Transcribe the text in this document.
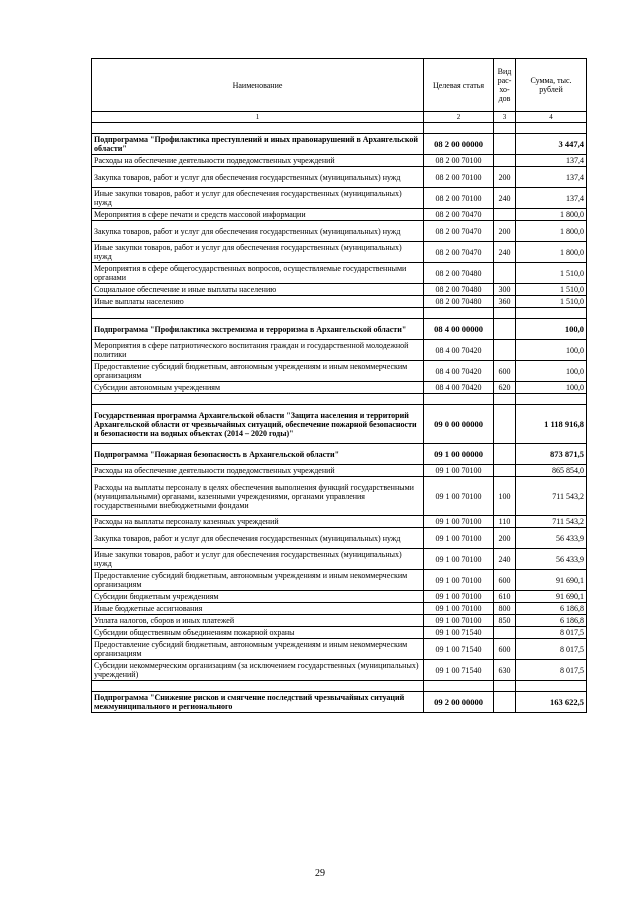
Наименование	Целевая статья	Вид рас-хо-дов	Сумма, тыс. рублей
1	2	3	4

Подпрограмма "Профилактика преступлений и иных правонарушений в Архангельской области"	08 2 00 00000		3 447,4
Расходы на обеспечение деятельности подведомственных учреждений	08 2 00 70100		137,4
Закупка товаров, работ и услуг для обеспечения государственных (муниципальных) нужд	08 2 00 70100	200	137,4
Иные закупки товаров, работ и услуг для обеспечения государственных (муниципальных) нужд	08 2 00 70100	240	137,4
Мероприятия в сфере печати и средств массовой информации	08 2 00 70470		1 800,0
Закупка товаров, работ и услуг для обеспечения государственных (муниципальных) нужд	08 2 00 70470	200	1 800,0
Иные закупки товаров, работ и услуг для обеспечения государственных (муниципальных) нужд	08 2 00 70470	240	1 800,0
Мероприятия в сфере общегосударственных вопросов, осуществляемые государственными органами	08 2 00 70480		1 510,0
Социальное обеспечение и иные выплаты населению	08 2 00 70480	300	1 510,0
Иные выплаты населению	08 2 00 70480	360	1 510,0

Подпрограмма "Профилактика экстремизма и терроризма в Архангельской области"	08 4 00 00000		100,0
Мероприятия в сфере патриотического воспитания граждан и государственной молодежной политики	08 4 00 70420		100,0
Предоставление субсидий бюджетным, автономным учреждениям и иным некоммерческим организациям	08 4 00 70420	600	100,0
Субсидии автономным учреждениям	08 4 00 70420	620	100,0

Государственная программа Архангельской области "Защита населения и территорий Архангельской области от чрезвычайных ситуаций, обеспечение пожарной безопасности и безопасности на водных объектах (2014 – 2020 годы)"	09 0 00 00000		1 118 916,8
Подпрограмма "Пожарная безопасность в Архангельской области"	09 1 00 00000		873 871,5
Расходы на обеспечение деятельности подведомственных учреждений	09 1 00 70100		865 854,0
Расходы на выплаты персоналу в целях обеспечения выполнения функций государственными (муниципальными) органами, казенными учреждениями, органами управления государственными внебюджетными фондами	09 1 00 70100	100	711 543,2
Расходы на выплаты персоналу казенных учреждений	09 1 00 70100	110	711 543,2
Закупка товаров, работ и услуг для обеспечения государственных (муниципальных) нужд	09 1 00 70100	200	56 433,9
Иные закупки товаров, работ и услуг для обеспечения государственных (муниципальных) нужд	09 1 00 70100	240	56 433,9
Предоставление субсидий бюджетным, автономным учреждениям и иным некоммерческим организациям	09 1 00 70100	600	91 690,1
Субсидии бюджетным учреждениям	09 1 00 70100	610	91 690,1
Иные бюджетные ассигнования	09 1 00 70100	800	6 186,8
Уплата налогов, сборов и иных платежей	09 1 00 70100	850	6 186,8
Субсидии общественным объединениям пожарной охраны	09 1 00 71540		8 017,5
Предоставление субсидий бюджетным, автономным учреждениям и иным некоммерческим организациям	09 1 00 71540	600	8 017,5
Субсидии некоммерческим организациям (за исключением государственных (муниципальных) учреждений)	09 1 00 71540	630	8 017,5

Подпрограмма "Снижение рисков и смягчение последствий чрезвычайных ситуаций межмуниципального и регионального	09 2 00 00000		163 622,5
29
